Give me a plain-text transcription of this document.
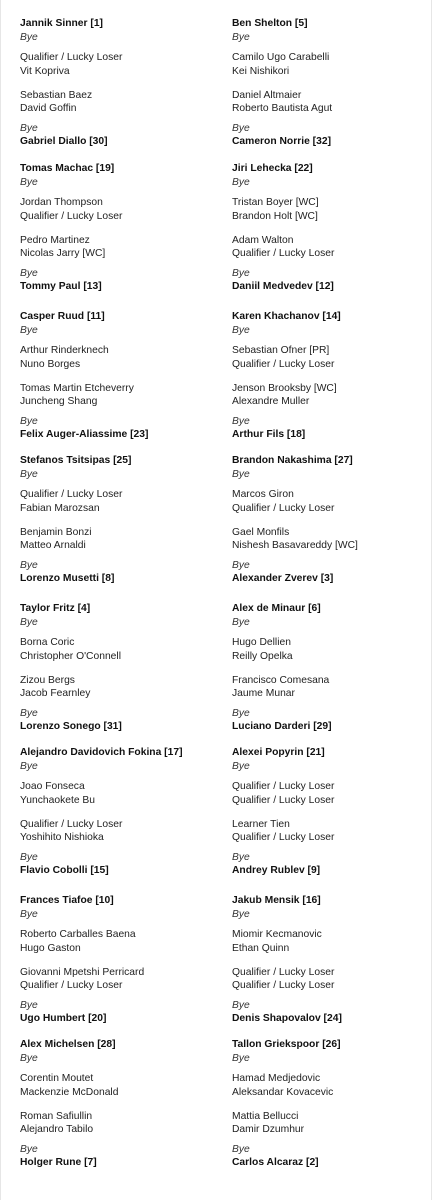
Jannik Sinner [1]
Bye
Qualifier / Lucky Loser
Vit Kopriva
Sebastian Baez
David Goffin
Bye
Gabriel Diallo [30]
Tomas Machac [19]
Bye
Jordan Thompson
Qualifier / Lucky Loser
Pedro Martinez
Nicolas Jarry [WC]
Bye
Tommy Paul [13]
Casper Ruud [11]
Bye
Arthur Rinderknech
Nuno Borges
Tomas Martin Etcheverry
Juncheng Shang
Bye
Felix Auger-Aliassime [23]
Stefanos Tsitsipas [25]
Bye
Qualifier / Lucky Loser
Fabian Marozsan
Benjamin Bonzi
Matteo Arnaldi
Bye
Lorenzo Musetti [8]
Taylor Fritz [4]
Bye
Borna Coric
Christopher O'Connell
Zizou Bergs
Jacob Fearnley
Bye
Lorenzo Sonego [31]
Alejandro Davidovich Fokina [17]
Bye
Joao Fonseca
Yunchaokete Bu
Qualifier / Lucky Loser
Yoshihito Nishioka
Bye
Flavio Cobolli [15]
Frances Tiafoe [10]
Bye
Roberto Carballes Baena
Hugo Gaston
Giovanni Mpetshi Perricard
Qualifier / Lucky Loser
Bye
Ugo Humbert [20]
Alex Michelsen [28]
Bye
Corentin Moutet
Mackenzie McDonald
Roman Safiullin
Alejandro Tabilo
Bye
Holger Rune [7]
Ben Shelton [5]
Bye
Camilo Ugo Carabelli
Kei Nishikori
Daniel Altmaier
Roberto Bautista Agut
Bye
Cameron Norrie [32]
Jiri Lehecka [22]
Bye
Tristan Boyer [WC]
Brandon Holt [WC]
Adam Walton
Qualifier / Lucky Loser
Bye
Daniil Medvedev [12]
Karen Khachanov [14]
Bye
Sebastian Ofner [PR]
Qualifier / Lucky Loser
Jenson Brooksby [WC]
Alexandre Muller
Bye
Arthur Fils [18]
Brandon Nakashima [27]
Bye
Marcos Giron
Qualifier / Lucky Loser
Gael Monfils
Nishesh Basavareddy [WC]
Bye
Alexander Zverev [3]
Alex de Minaur [6]
Bye
Hugo Dellien
Reilly Opelka
Francisco Comesana
Jaume Munar
Bye
Luciano Darderi [29]
Alexei Popyrin [21]
Bye
Qualifier / Lucky Loser
Qualifier / Lucky Loser
Learner Tien
Qualifier / Lucky Loser
Bye
Andrey Rublev [9]
Jakub Mensik [16]
Bye
Miomir Kecmanovic
Ethan Quinn
Qualifier / Lucky Loser
Qualifier / Lucky Loser
Bye
Denis Shapovalov [24]
Tallon Griekspoor [26]
Bye
Hamad Medjedovic
Aleksandar Kovacevic
Mattia Bellucci
Damir Dzumhur
Bye
Carlos Alcaraz [2]
